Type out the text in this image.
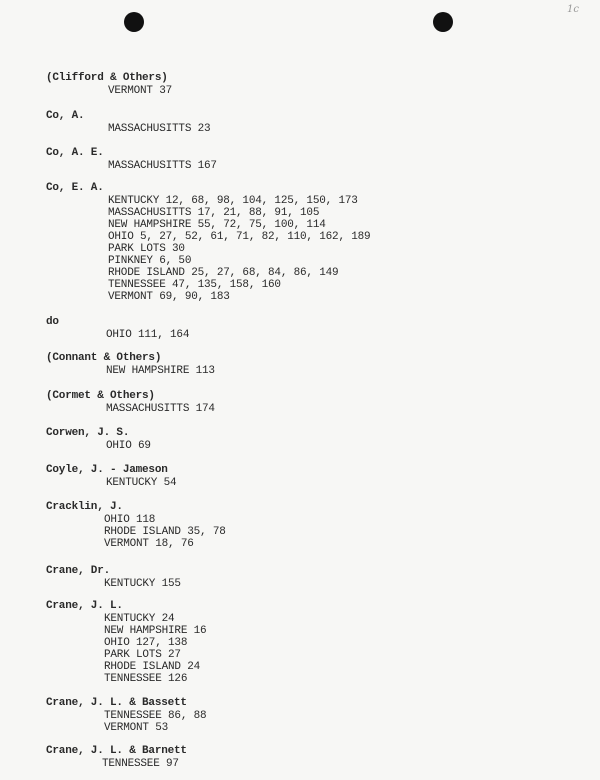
1c
(Clifford & Others)
VERMONT 37
Co, A.
MASSACHUSITTS 23
Co, A. E.
MASSACHUSITTS 167
Co, E. A.
KENTUCKY 12, 68, 98, 104, 125, 150, 173
MASSACHUSITTS 17, 21, 88, 91, 105
NEW HAMPSHIRE 55, 72, 75, 100, 114
OHIO 5, 27, 52, 61, 71, 82, 110, 162, 189
PARK LOTS 30
PINKNEY 6, 50
RHODE ISLAND 25, 27, 68, 84, 86, 149
TENNESSEE 47, 135, 158, 160
VERMONT 69, 90, 183
do
OHIO 111, 164
(Connant & Others)
NEW HAMPSHIRE 113
(Cormet & Others)
MASSACHUSITTS 174
Corwen, J. S.
OHIO 69
Coyle, J. - Jameson
KENTUCKY 54
Cracklin, J.
OHIO 118
RHODE ISLAND 35, 78
VERMONT 18, 76
Crane, Dr.
KENTUCKY 155
Crane, J. L.
KENTUCKY 24
NEW HAMPSHIRE 16
OHIO 127, 138
PARK LOTS 27
RHODE ISLAND 24
TENNESSEE 126
Crane, J. L. & Bassett
TENNESSEE 86, 88
VERMONT 53
Crane, J. L. & Barnett
TENNESSEE 97
